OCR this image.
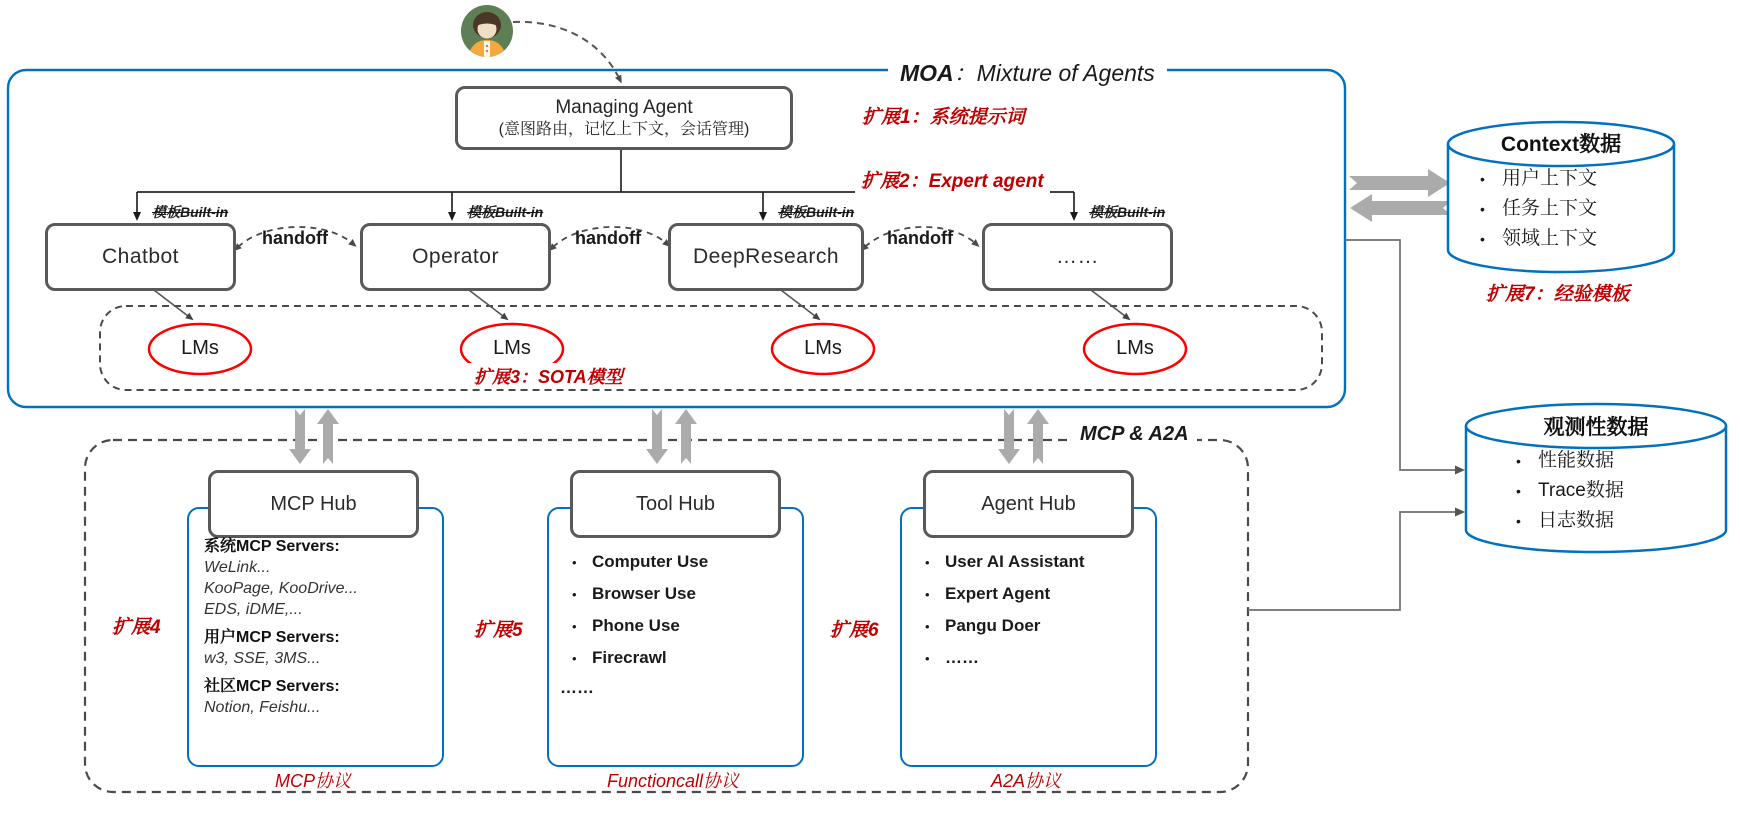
MOA：Mixture of Agents
扩展1：系统提示词
扩展2：Expert agent
扩展3：SOTA模型
扩展4	扩展5	扩展6
扩展7：经验模板
Managing Agent
(意图路由，记忆上下文，会话管理)
Chatbot	Operator	DeepResearch	……
模板Built-in	模板Built-in	模板Built-in	模板Built-in
handoff	handoff	handoff
LMs	LMs	LMs	LMs
MCP & A2A
MCP Hub	Tool Hub	Agent Hub
系统MCP Servers:
WeLink...
KooPage, KooDrive...
EDS, iDME,...
用户MCP Servers:
w3, SSE, 3MS...
社区MCP Servers:
Notion, Feishu...
• Computer Use
• Browser Use
• Phone Use
• Firecrawl
……
• User AI Assistant
• Expert Agent
• Pangu Doer
• ……
MCP协议	Functioncall协议	A2A协议
Context数据
• 用户上下文
• 任务上下文
• 领域上下文
观测性数据
• 性能数据
• Trace数据
• 日志数据
